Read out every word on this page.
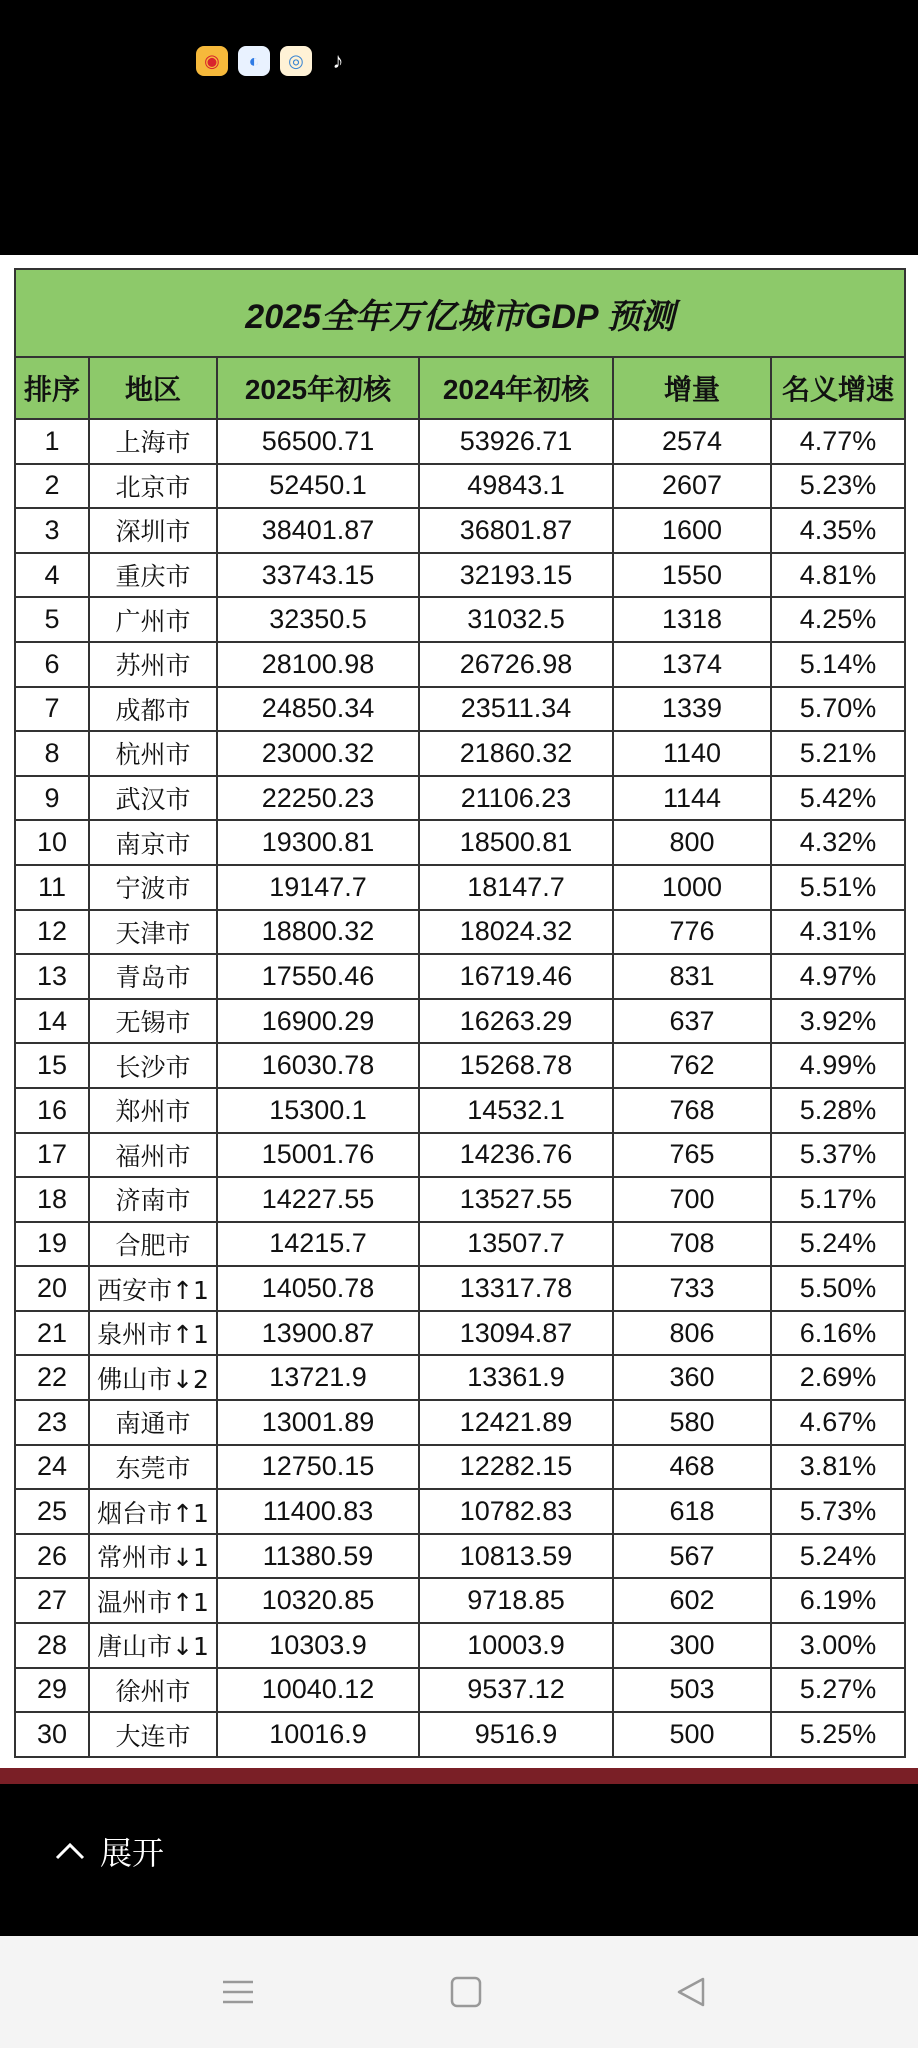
◉	◐	◎	♪
2025全年万亿城市GDP 预测					
排序	地区	2025年初核	2024年初核	增量	名义增速
1	上海市	56500.71	53926.71	2574	4.77%
2	北京市	52450.1	49843.1	2607	5.23%
3	深圳市	38401.87	36801.87	1600	4.35%
4	重庆市	33743.15	32193.15	1550	4.81%
5	广州市	32350.5	31032.5	1318	4.25%
6	苏州市	28100.98	26726.98	1374	5.14%
7	成都市	24850.34	23511.34	1339	5.70%
8	杭州市	23000.32	21860.32	1140	5.21%
9	武汉市	22250.23	21106.23	1144	5.42%
10	南京市	19300.81	18500.81	800	4.32%
11	宁波市	19147.7	18147.7	1000	5.51%
12	天津市	18800.32	18024.32	776	4.31%
13	青岛市	17550.46	16719.46	831	4.97%
14	无锡市	16900.29	16263.29	637	3.92%
15	长沙市	16030.78	15268.78	762	4.99%
16	郑州市	15300.1	14532.1	768	5.28%
17	福州市	15001.76	14236.76	765	5.37%
18	济南市	14227.55	13527.55	700	5.17%
19	合肥市	14215.7	13507.7	708	5.24%
20	西安市↑1	14050.78	13317.78	733	5.50%
21	泉州市↑1	13900.87	13094.87	806	6.16%
22	佛山市↓2	13721.9	13361.9	360	2.69%
23	南通市	13001.89	12421.89	580	4.67%
24	东莞市	12750.15	12282.15	468	3.81%
25	烟台市↑1	11400.83	10782.83	618	5.73%
26	常州市↓1	11380.59	10813.59	567	5.24%
27	温州市↑1	10320.85	9718.85	602	6.19%
28	唐山市↓1	10303.9	10003.9	300	3.00%
29	徐州市	10040.12	9537.12	503	5.27%
30	大连市	10016.9	9516.9	500	5.25%
展开
